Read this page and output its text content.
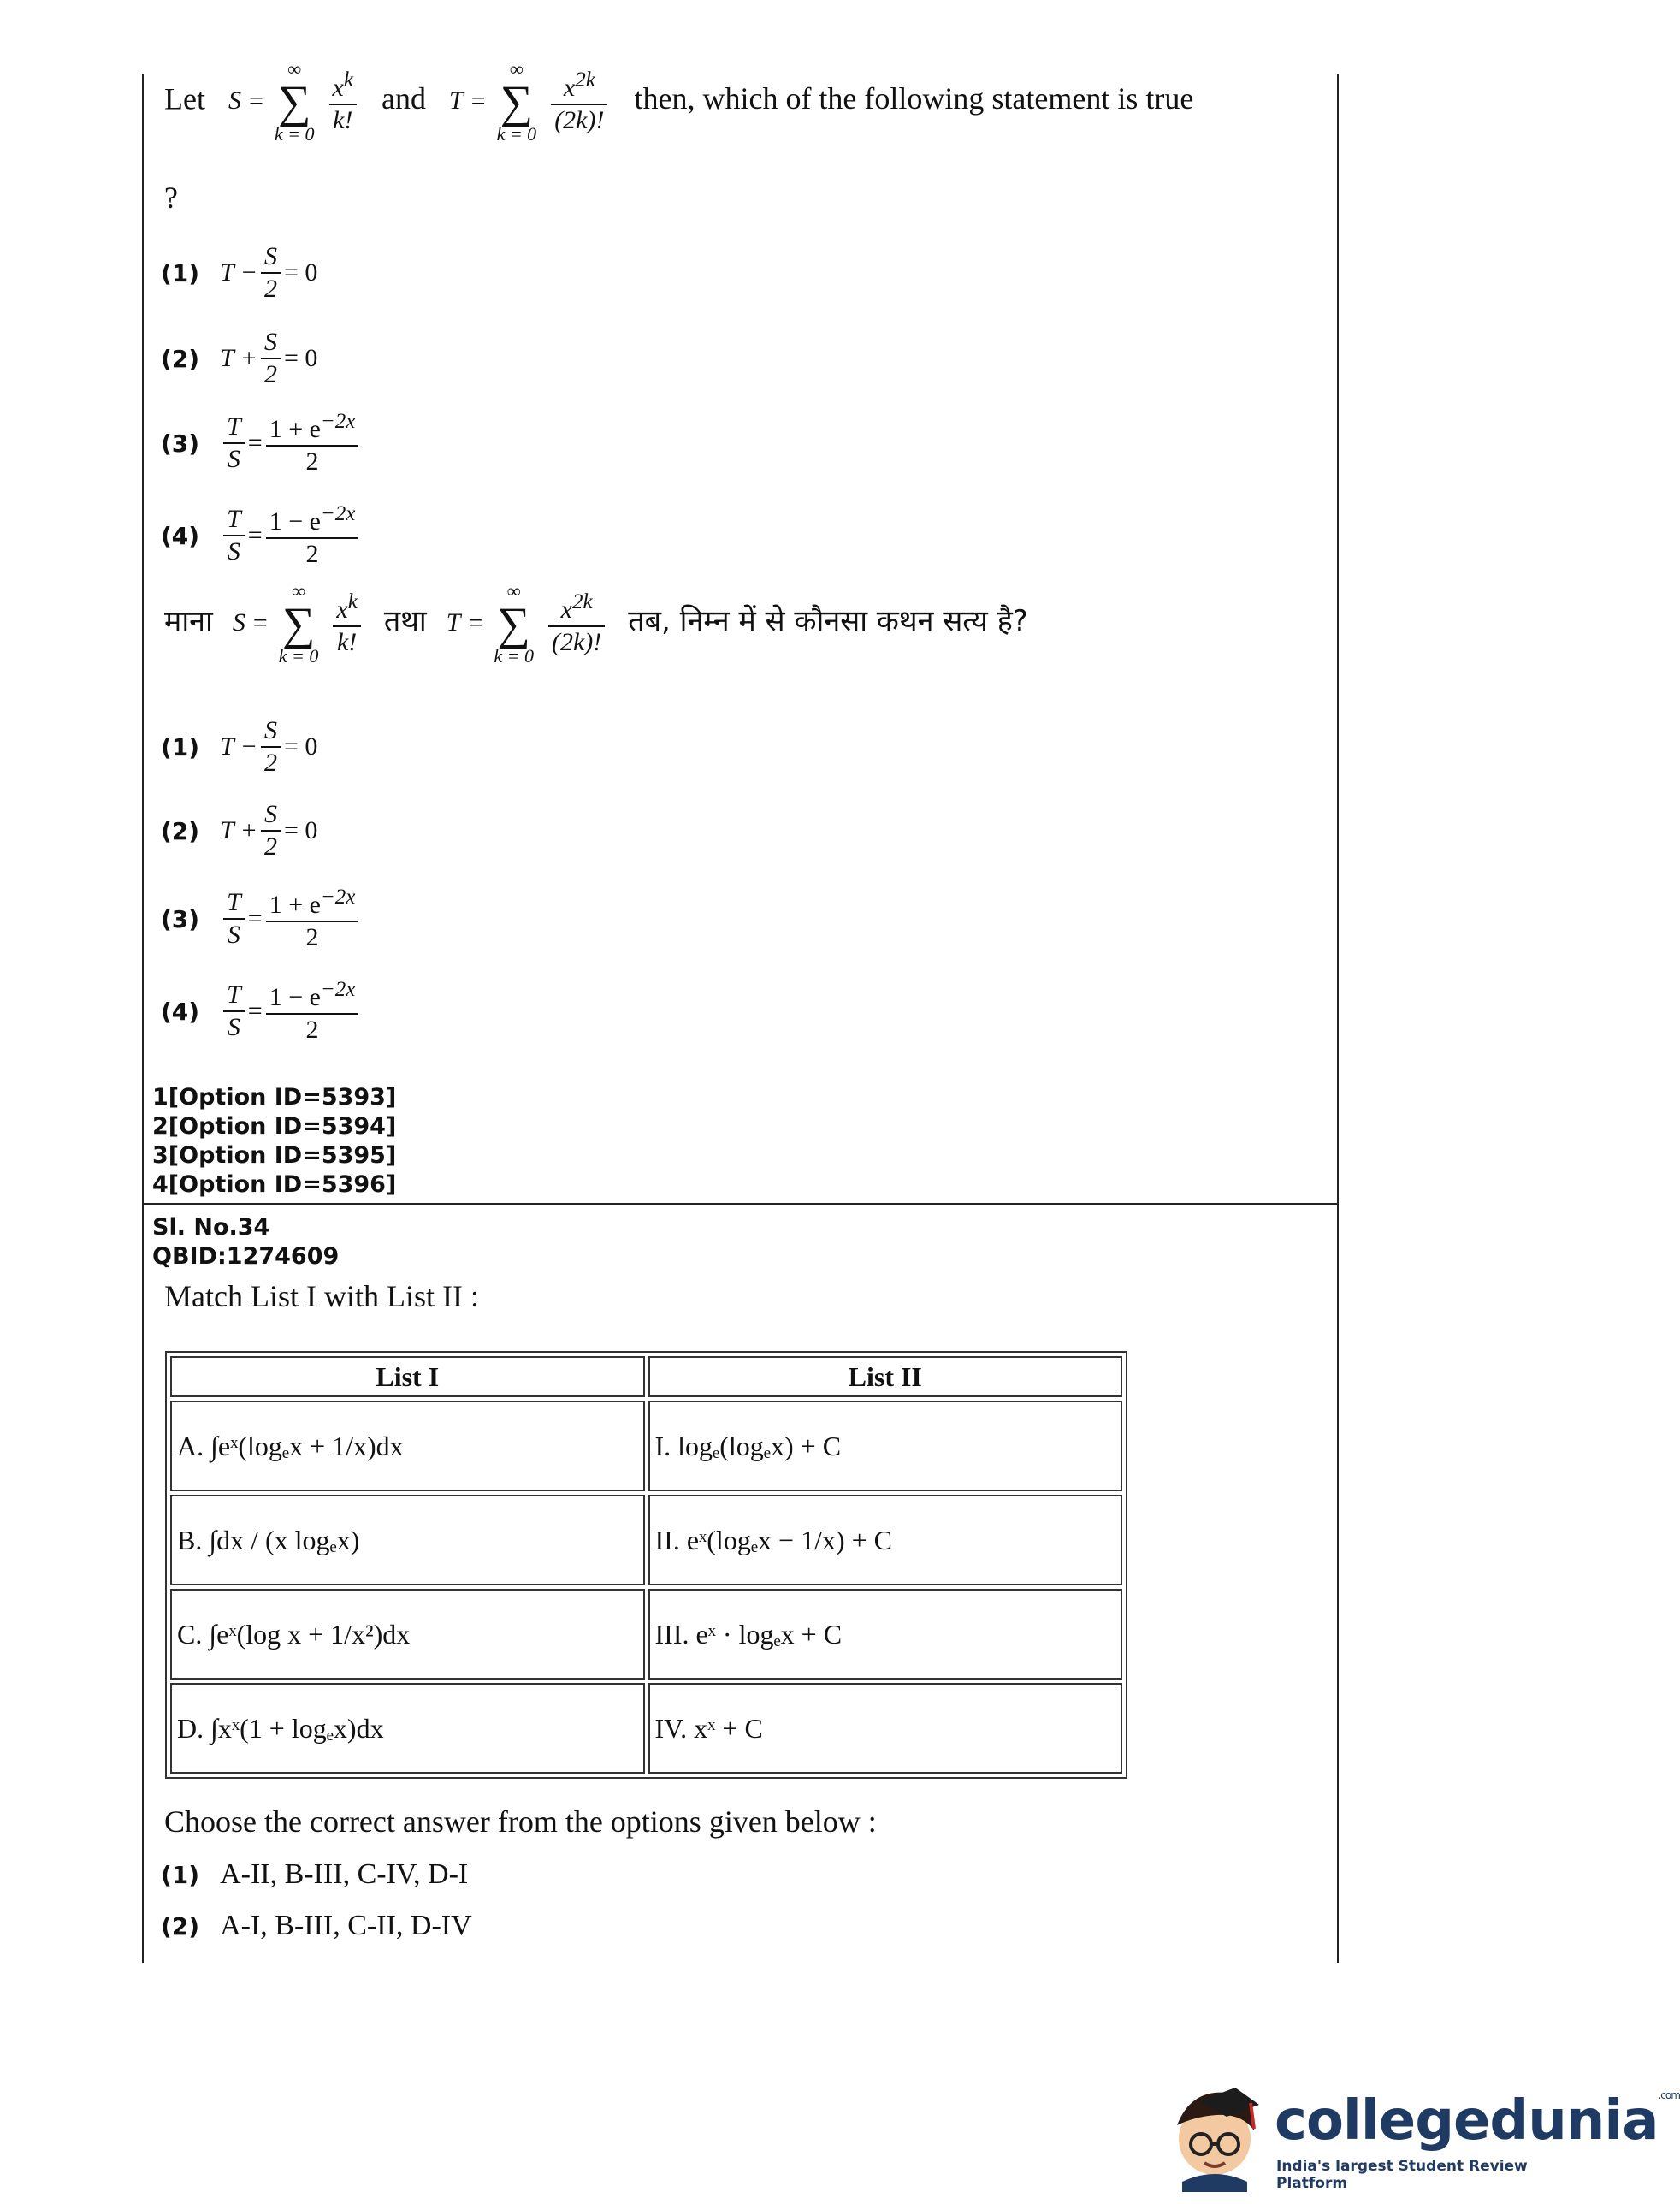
Let S =
∞
∑
k = 0
$\frac{x^k}{k!}$ and T =
∞
∑
k = 0
$\frac{x^{2k}}{(2k)!}$ then, which of the following statement is true
?
(1) $T - \frac{S}{2} = 0$
(2) $T + \frac{S}{2} = 0$
$(3) \frac{T}{S} = \frac{1 + e^{-2x}}{2}$
$(4) \frac{T}{S} = \frac{1 - e^{-2x}}{2}$
माना S =
∞
∑
k = 0
$\frac{x^k}{k!}$ तथा T =
∞
∑
k = 0
$\frac{x^{2k}}{(2k)!}$ तब, निम्न में से कौनसा कथन सत्य है?
(1) $T - \frac{S}{2} = 0$
(2) $T + \frac{S}{2} = 0$
$(3) \frac{T}{S} = \frac{1 + e^{-2x}}{2}$
$(4) \frac{T}{S} = \frac{1 - e^{-2x}}{2}$
1[Option ID=5393]
2[Option ID=5394]
3[Option ID=5395]
4[Option ID=5396]
Sl. No.34
QBID:1274609
Match List I with List II :
List I	List II
A. ∫eˣ(logₑx + 1/x)dx	I. logₑ(logₑx) + C
B. ∫dx / (x logₑx)	II. eˣ(logₑx − 1/x) + C
C. ∫eˣ(log x + 1/x²)dx	III. eˣ · logₑx + C
D. ∫xˣ(1 + logₑx)dx	IV. xˣ + C
Choose the correct answer from the options given below :
(1) A-II, B-III, C-IV, D-I
(2) A-I, B-III, C-II, D-IV
collegedunia$^{.com}$
India's largest Student Review Platform
